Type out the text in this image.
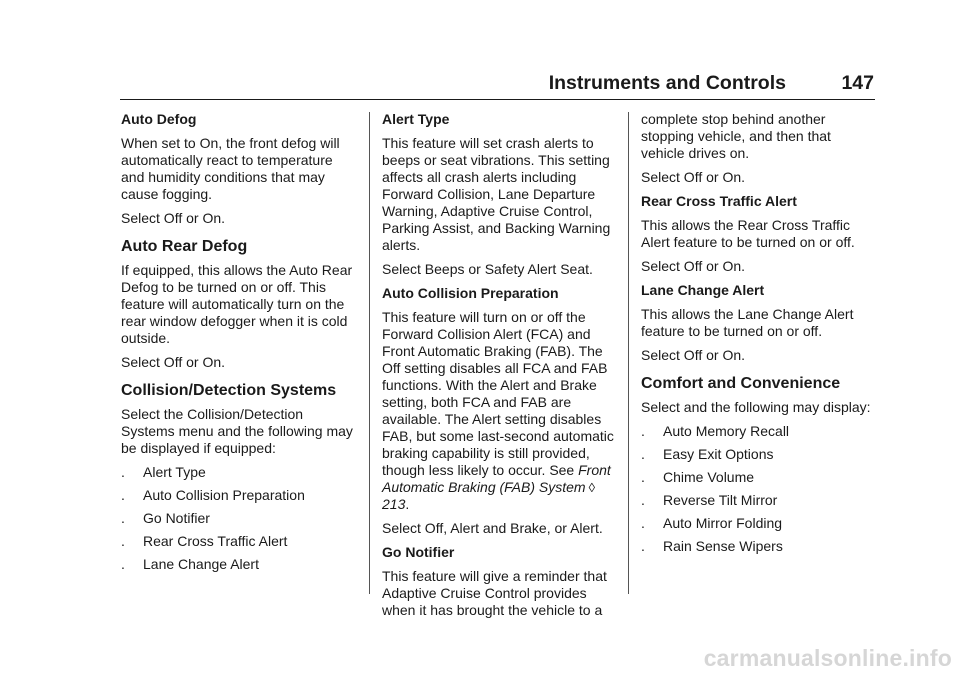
Instruments and Controls	147
Auto Defog
When set to On, the front defog will automatically react to temperature and humidity conditions that may cause fogging.
Select Off or On.
Auto Rear Defog
If equipped, this allows the Auto Rear Defog to be turned on or off. This feature will automatically turn on the rear window defogger when it is cold outside.
Select Off or On.
Collision/Detection Systems
Select the Collision/Detection Systems menu and the following may be displayed if equipped:
. Alert Type
. Auto Collision Preparation
. Go Notifier
. Rear Cross Traffic Alert
. Lane Change Alert
Alert Type
This feature will set crash alerts to beeps or seat vibrations. This setting affects all crash alerts including Forward Collision, Lane Departure Warning, Adaptive Cruise Control, Parking Assist, and Backing Warning alerts.
Select Beeps or Safety Alert Seat.
Auto Collision Preparation
This feature will turn on or off the Forward Collision Alert (FCA) and Front Automatic Braking (FAB). The Off setting disables all FCA and FAB functions. With the Alert and Brake setting, both FCA and FAB are available. The Alert setting disables FAB, but some last-second automatic braking capability is still provided, though less likely to occur. See Front Automatic Braking (FAB) System ◊ 213.
Select Off, Alert and Brake, or Alert.
Go Notifier
This feature will give a reminder that Adaptive Cruise Control provides when it has brought the vehicle to a
complete stop behind another stopping vehicle, and then that vehicle drives on.
Select Off or On.
Rear Cross Traffic Alert
This allows the Rear Cross Traffic Alert feature to be turned on or off.
Select Off or On.
Lane Change Alert
This allows the Lane Change Alert feature to be turned on or off.
Select Off or On.
Comfort and Convenience
Select and the following may display:
. Auto Memory Recall
. Easy Exit Options
. Chime Volume
. Reverse Tilt Mirror
. Auto Mirror Folding
. Rain Sense Wipers
carmanualsonline.info
